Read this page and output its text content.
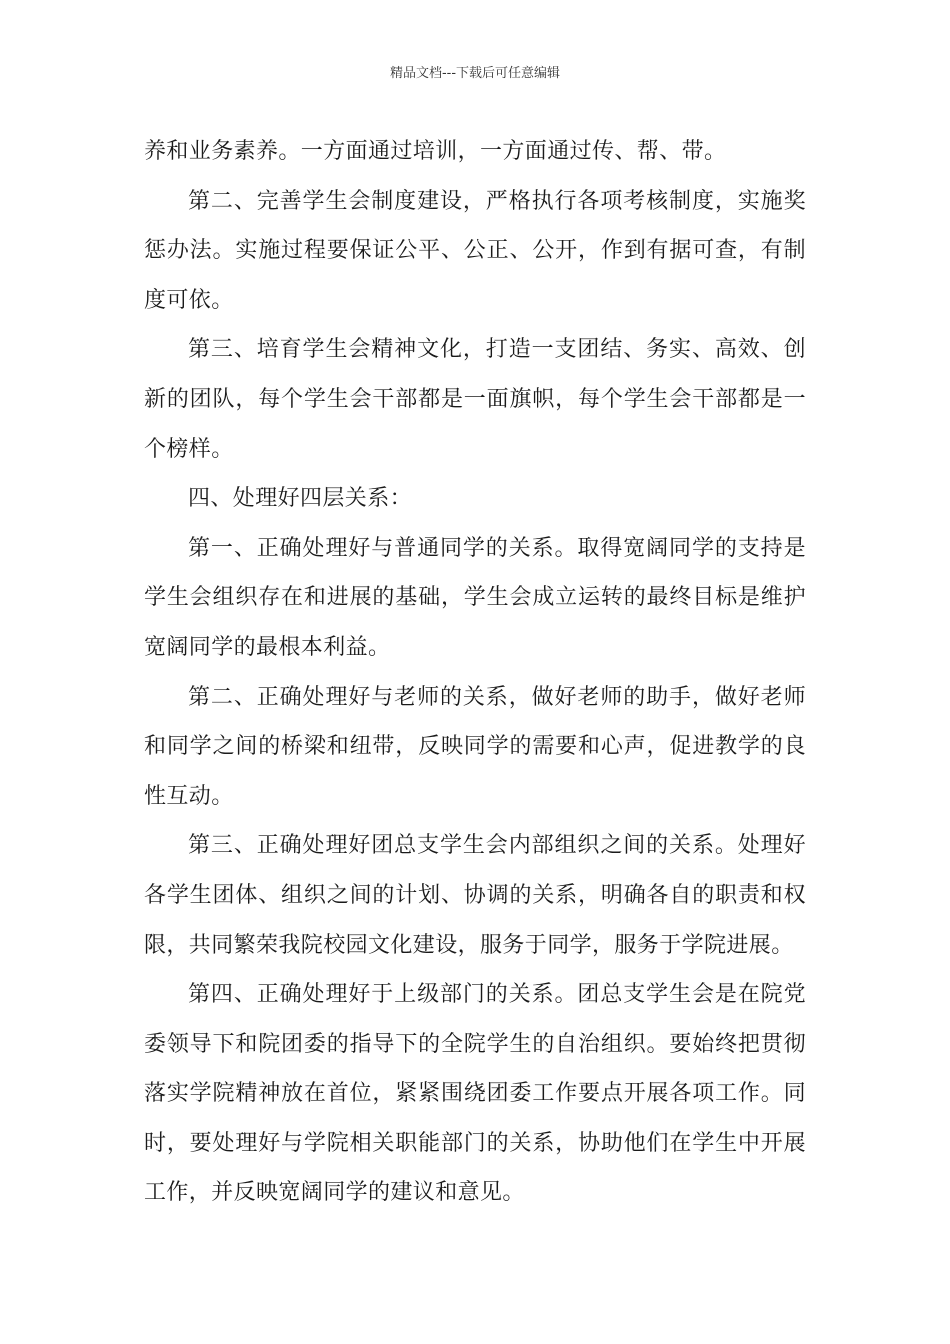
精品文档---下载后可任意编辑

养和业务素养。一方面通过培训，一方面通过传、帮、带。

第二、完善学生会制度建设，严格执行各项考核制度，实施奖惩办法。实施过程要保证公平、公正、公开，作到有据可查，有制度可依。

第三、培育学生会精神文化，打造一支团结、务实、高效、创新的团队，每个学生会干部都是一面旗帜，每个学生会干部都是一个榜样。

四、处理好四层关系：

第一、正确处理好与普通同学的关系。取得宽阔同学的支持是学生会组织存在和进展的基础，学生会成立运转的最终目标是维护宽阔同学的最根本利益。

第二、正确处理好与老师的关系，做好老师的助手，做好老师和同学之间的桥梁和纽带，反映同学的需要和心声，促进教学的良性互动。

第三、正确处理好团总支学生会内部组织之间的关系。处理好各学生团体、组织之间的计划、协调的关系，明确各自的职责和权限，共同繁荣我院校园文化建设，服务于同学，服务于学院进展。

第四、正确处理好于上级部门的关系。团总支学生会是在院党委领导下和院团委的指导下的全院学生的自治组织。要始终把贯彻落实学院精神放在首位，紧紧围绕团委工作要点开展各项工作。同时，要处理好与学院相关职能部门的关系，协助他们在学生中开展工作，并反映宽阔同学的建议和意见。
